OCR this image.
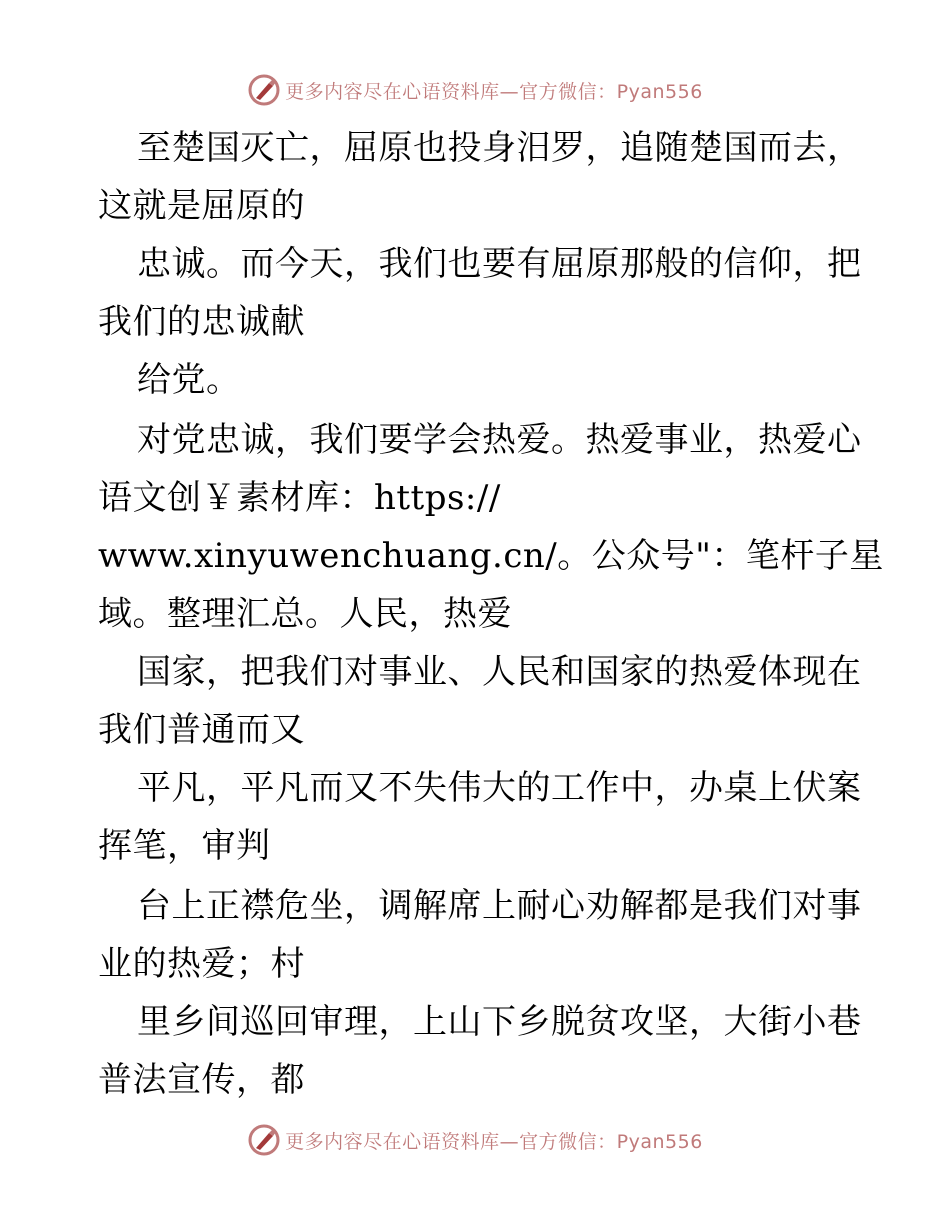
更多内容尽在心语资料库—官方微信：Pyan556
至楚国灭亡，屈原也投身汨罗，追随楚国而去，
这就是屈原的
忠诚。而今天，我们也要有屈原那般的信仰，把
我们的忠诚献
给党。
对党忠诚，我们要学会热爱。热爱事业，热爱心
语文创￥素材库：https://
www.xinyuwenchuang.cn/。公众号"：笔杆子星
域。整理汇总。人民，热爱
国家，把我们对事业、人民和国家的热爱体现在
我们普通而又
平凡，平凡而又不失伟大的工作中，办桌上伏案
挥笔，审判
台上正襟危坐，调解席上耐心劝解都是我们对事
业的热爱；村
里乡间巡回审理，上山下乡脱贫攻坚，大街小巷
普法宣传，都
更多内容尽在心语资料库—官方微信：Pyan556
